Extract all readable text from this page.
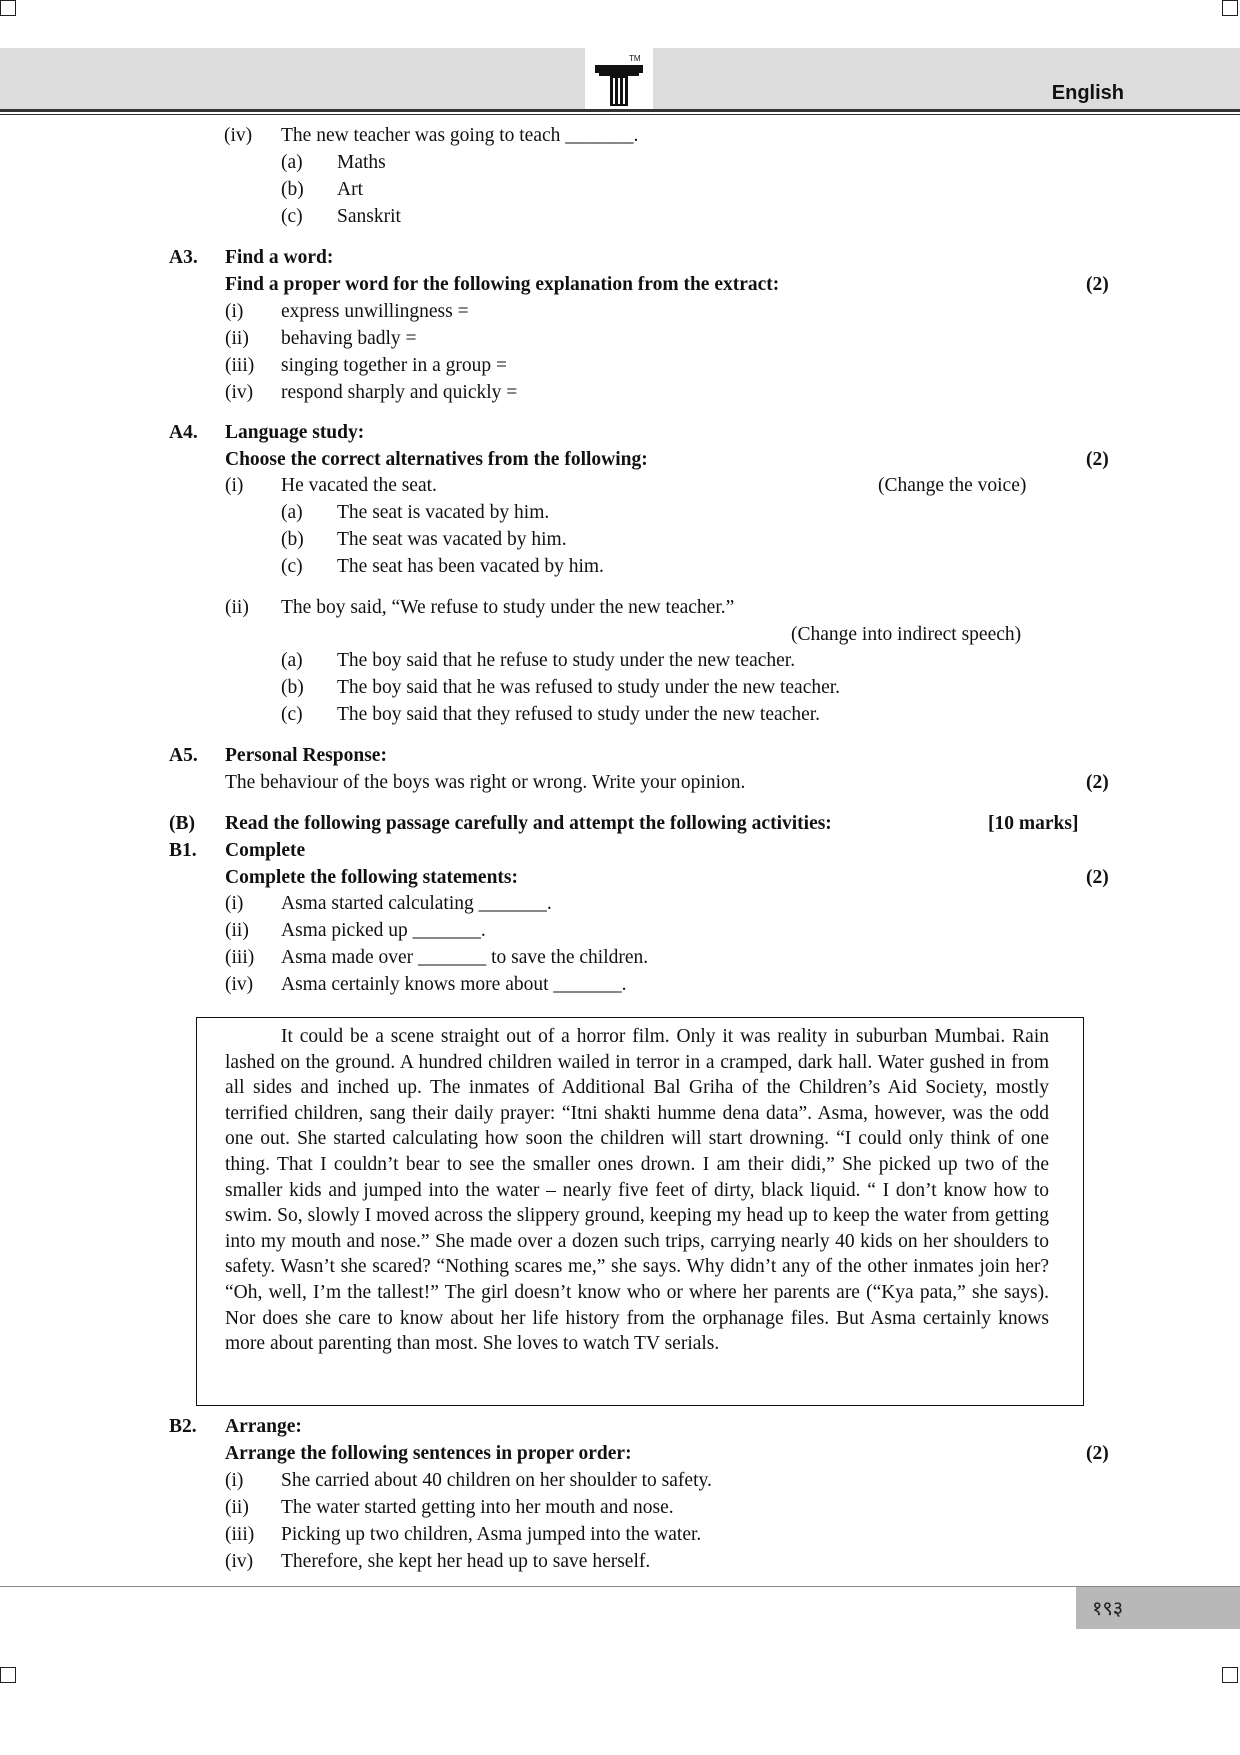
TM
English
(iv) The new teacher was going to teach _______.
(a) Maths
(b) Art
(c) Sanskrit
A3. Find a word:
Find a proper word for the following explanation from the extract:	(2)
(i) express unwillingness =
(ii) behaving badly =
(iii) singing together in a group =
(iv) respond sharply and quickly =
A4. Language study:
Choose the correct alternatives from the following:	(2)
(i) He vacated the seat.	(Change the voice)
(a) The seat is vacated by him.
(b) The seat was vacated by him.
(c) The seat has been vacated by him.
(ii) The boy said, “We refuse to study under the new teacher.”
(Change into indirect speech)
(a) The boy said that he refuse to study under the new teacher.
(b) The boy said that he was refused to study under the new teacher.
(c) The boy said that they refused to study under the new teacher.
A5. Personal Response:
The behaviour of the boys was right or wrong. Write your opinion.	(2)
(B) Read the following passage carefully and attempt the following activities:	[10 marks]
B1. Complete
Complete the following statements:	(2)
(i) Asma started calculating _______.
(ii) Asma picked up _______.
(iii) Asma made over _______ to save the children.
(iv) Asma certainly knows more about _______.

It could be a scene straight out of a horror film. Only it was reality in suburban Mumbai. Rain lashed on the ground. A hundred children wailed in terror in a cramped, dark hall. Water gushed in from all sides and inched up. The inmates of Additional Bal Griha of the Children’s Aid Society, mostly terrified children, sang their daily prayer: “Itni shakti humme dena data”. Asma, however, was the odd one out. She started calculating how soon the children will start drowning. “I could only think of one thing. That I couldn’t bear to see the smaller ones drown. I am their didi,” She picked up two of the smaller kids and jumped into the water – nearly five feet of dirty, black liquid. “ I don’t know how to swim. So, slowly I moved across the slippery ground, keeping my head up to keep the water from getting into my mouth and nose.” She made over a dozen such trips, carrying nearly 40 kids on her shoulders to safety. Wasn’t she scared? “Nothing scares me,” she says. Why didn’t any of the other inmates join her? “Oh, well, I’m the tallest!” The girl doesn’t know who or where her parents are (“Kya pata,” she says). Nor does she care to know about her life history from the orphanage files. But Asma certainly knows more about parenting than most. She loves to watch TV serials.

B2. Arrange:
Arrange the following sentences in proper order:	(2)
(i) She carried about 40 children on her shoulder to safety.
(ii) The water started getting into her mouth and nose.
(iii) Picking up two children, Asma jumped into the water.
(iv) Therefore, she kept her head up to save herself.
१९३
